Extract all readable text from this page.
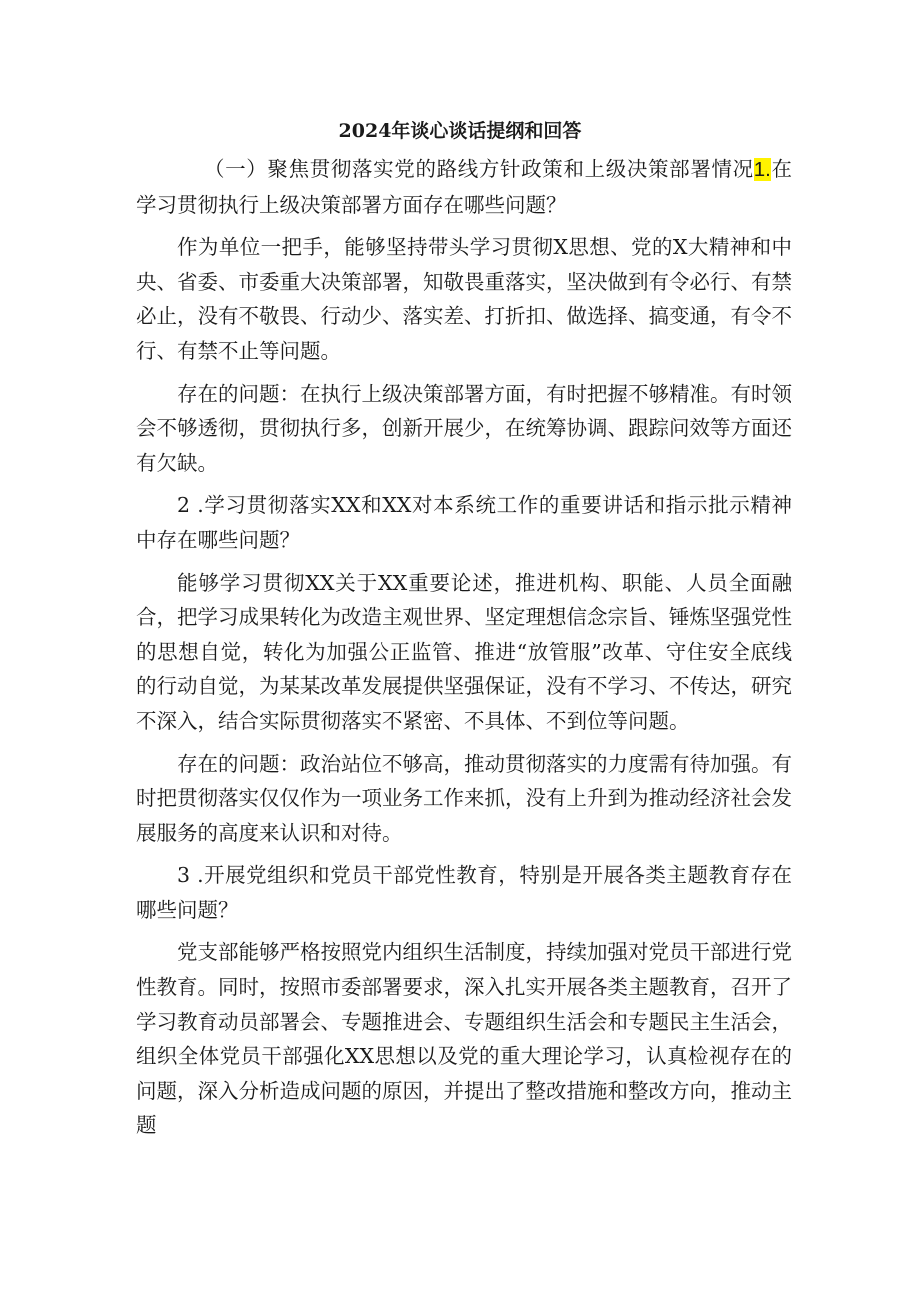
2024年谈心谈话提纲和回答

（一）聚焦贯彻落实党的路线方针政策和上级决策部署情况1.在学习贯彻执行上级决策部署方面存在哪些问题？

作为单位一把手，能够坚持带头学习贯彻X思想、党的X大精神和中央、省委、市委重大决策部署，知敬畏重落实，坚决做到有令必行、有禁必止，没有不敬畏、行动少、落实差、打折扣、做选择、搞变通，有令不行、有禁不止等问题。

存在的问题：在执行上级决策部署方面，有时把握不够精准。有时领会不够透彻，贯彻执行多，创新开展少，在统筹协调、跟踪问效等方面还有欠缺。

2 .学习贯彻落实XX和XX对本系统工作的重要讲话和指示批示精神中存在哪些问题？

能够学习贯彻XX关于XX重要论述，推进机构、职能、人员全面融合，把学习成果转化为改造主观世界、坚定理想信念宗旨、锤炼坚强党性的思想自觉，转化为加强公正监管、推进“放管服”改革、守住安全底线的行动自觉，为某某改革发展提供坚强保证，没有不学习、不传达，研究不深入，结合实际贯彻落实不紧密、不具体、不到位等问题。

存在的问题：政治站位不够高，推动贯彻落实的力度需有待加强。有时把贯彻落实仅仅作为一项业务工作来抓，没有上升到为推动经济社会发展服务的高度来认识和对待。

3 .开展党组织和党员干部党性教育，特别是开展各类主题教育存在哪些问题？

党支部能够严格按照党内组织生活制度，持续加强对党员干部进行党性教育。同时，按照市委部署要求，深入扎实开展各类主题教育，召开了学习教育动员部署会、专题推进会、专题组织生活会和专题民主生活会，组织全体党员干部强化XX思想以及党的重大理论学习，认真检视存在的问题，深入分析造成问题的原因，并提出了整改措施和整改方向，推动主题
